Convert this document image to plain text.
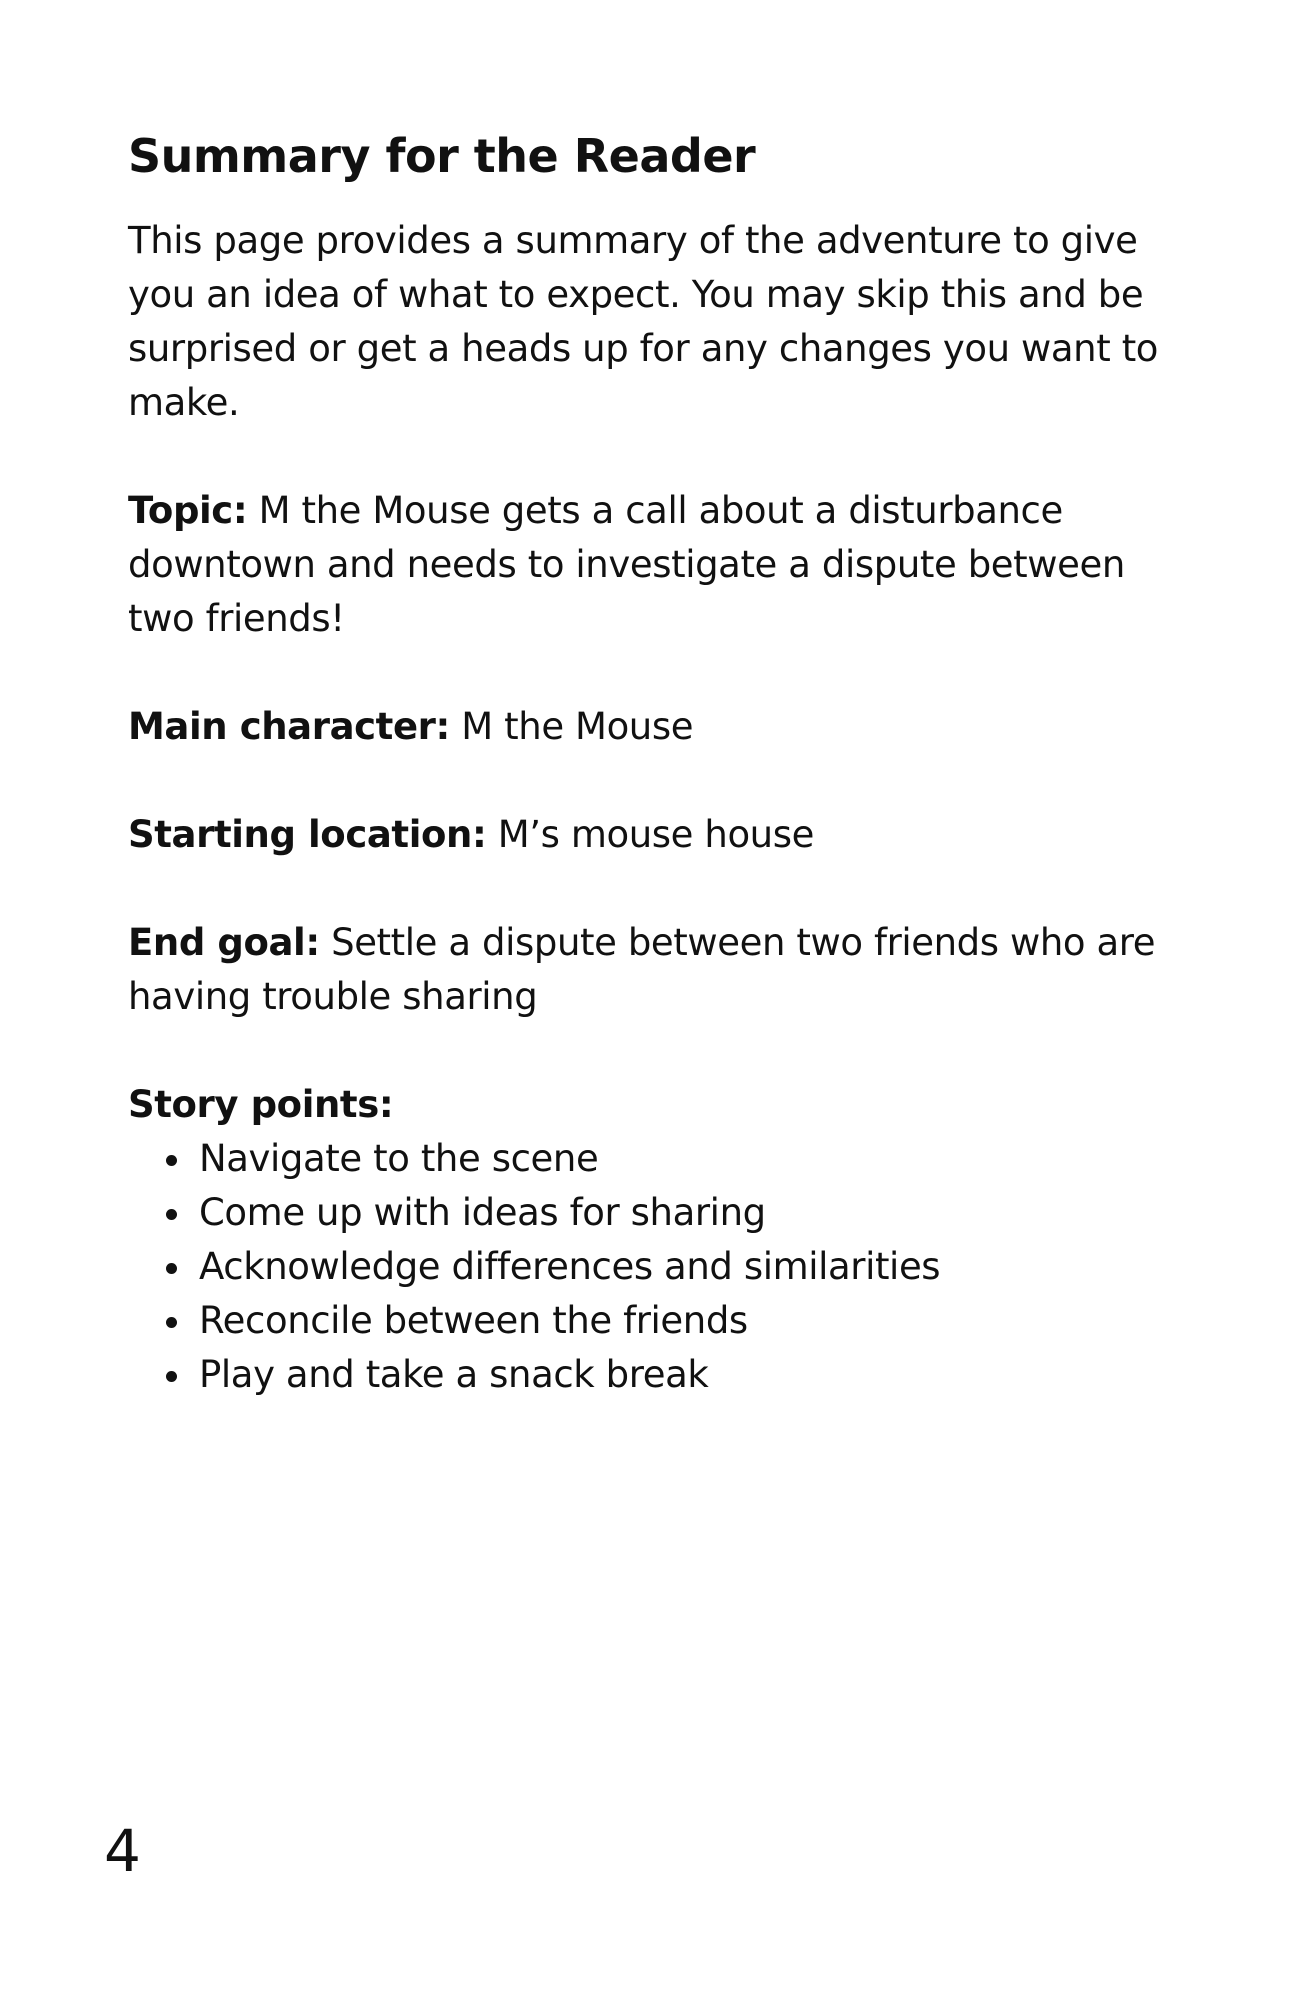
Summary for the Reader

This page provides a summary of the adventure to give you an idea of what to expect. You may skip this and be surprised or get a heads up for any changes you want to make.

Topic: M the Mouse gets a call about a disturbance downtown and needs to investigate a dispute between two friends!

Main character: M the Mouse

Starting location: M’s mouse house

End goal: Settle a dispute between two friends who are having trouble sharing

Story points:

• Navigate to the scene
• Come up with ideas for sharing
• Acknowledge differences and similarities
• Reconcile between the friends
• Play and take a snack break
4
